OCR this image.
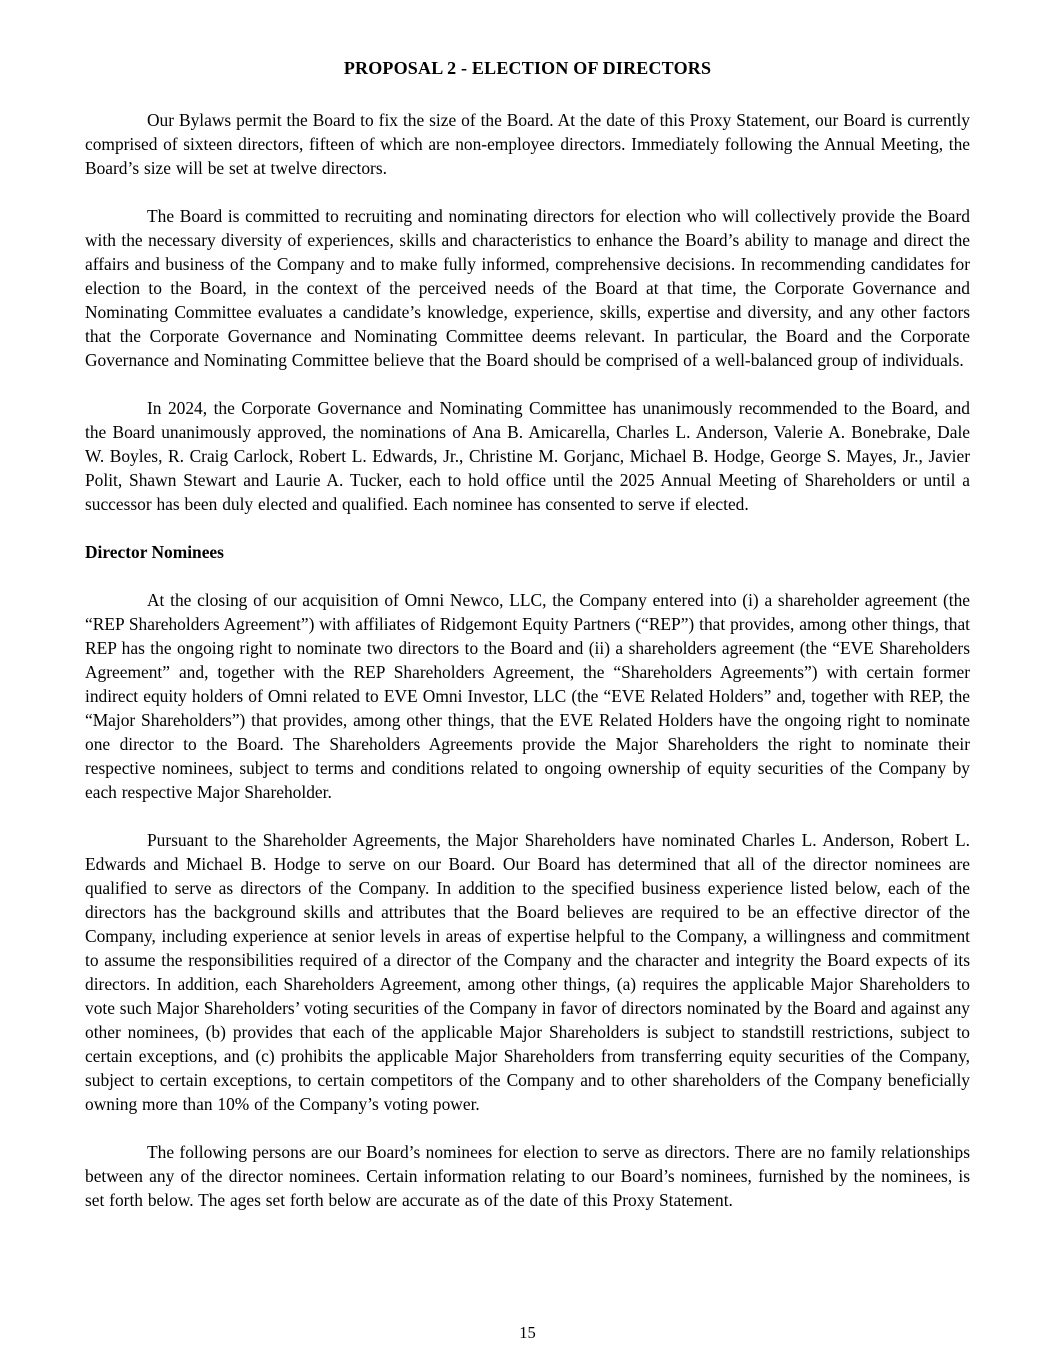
PROPOSAL 2 - ELECTION OF DIRECTORS

Our Bylaws permit the Board to fix the size of the Board. At the date of this Proxy Statement, our Board is currently comprised of sixteen directors, fifteen of which are non-employee directors. Immediately following the Annual Meeting, the Board’s size will be set at twelve directors.

The Board is committed to recruiting and nominating directors for election who will collectively provide the Board with the necessary diversity of experiences, skills and characteristics to enhance the Board’s ability to manage and direct the affairs and business of the Company and to make fully informed, comprehensive decisions. In recommending candidates for election to the Board, in the context of the perceived needs of the Board at that time, the Corporate Governance and Nominating Committee evaluates a candidate’s knowledge, experience, skills, expertise and diversity, and any other factors that the Corporate Governance and Nominating Committee deems relevant. In particular, the Board and the Corporate Governance and Nominating Committee believe that the Board should be comprised of a well-balanced group of individuals.

In 2024, the Corporate Governance and Nominating Committee has unanimously recommended to the Board, and the Board unanimously approved, the nominations of Ana B. Amicarella, Charles L. Anderson, Valerie A. Bonebrake, Dale W. Boyles, R. Craig Carlock, Robert L. Edwards, Jr., Christine M. Gorjanc, Michael B. Hodge, George S. Mayes, Jr., Javier Polit, Shawn Stewart and Laurie A. Tucker, each to hold office until the 2025 Annual Meeting of Shareholders or until a successor has been duly elected and qualified. Each nominee has consented to serve if elected.

Director Nominees

At the closing of our acquisition of Omni Newco, LLC, the Company entered into (i) a shareholder agreement (the “REP Shareholders Agreement”) with affiliates of Ridgemont Equity Partners (“REP”) that provides, among other things, that REP has the ongoing right to nominate two directors to the Board and (ii) a shareholders agreement (the “EVE Shareholders Agreement” and, together with the REP Shareholders Agreement, the “Shareholders Agreements”) with certain former indirect equity holders of Omni related to EVE Omni Investor, LLC (the “EVE Related Holders” and, together with REP, the “Major Shareholders”) that provides, among other things, that the EVE Related Holders have the ongoing right to nominate one director to the Board. The Shareholders Agreements provide the Major Shareholders the right to nominate their respective nominees, subject to terms and conditions related to ongoing ownership of equity securities of the Company by each respective Major Shareholder.

Pursuant to the Shareholder Agreements, the Major Shareholders have nominated Charles L. Anderson, Robert L. Edwards and Michael B. Hodge to serve on our Board. Our Board has determined that all of the director nominees are qualified to serve as directors of the Company. In addition to the specified business experience listed below, each of the directors has the background skills and attributes that the Board believes are required to be an effective director of the Company, including experience at senior levels in areas of expertise helpful to the Company, a willingness and commitment to assume the responsibilities required of a director of the Company and the character and integrity the Board expects of its directors. In addition, each Shareholders Agreement, among other things, (a) requires the applicable Major Shareholders to vote such Major Shareholders’ voting securities of the Company in favor of directors nominated by the Board and against any other nominees, (b) provides that each of the applicable Major Shareholders is subject to standstill restrictions, subject to certain exceptions, and (c) prohibits the applicable Major Shareholders from transferring equity securities of the Company, subject to certain exceptions, to certain competitors of the Company and to other shareholders of the Company beneficially owning more than 10% of the Company’s voting power.

The following persons are our Board’s nominees for election to serve as directors. There are no family relationships between any of the director nominees. Certain information relating to our Board’s nominees, furnished by the nominees, is set forth below. The ages set forth below are accurate as of the date of this Proxy Statement.

15
